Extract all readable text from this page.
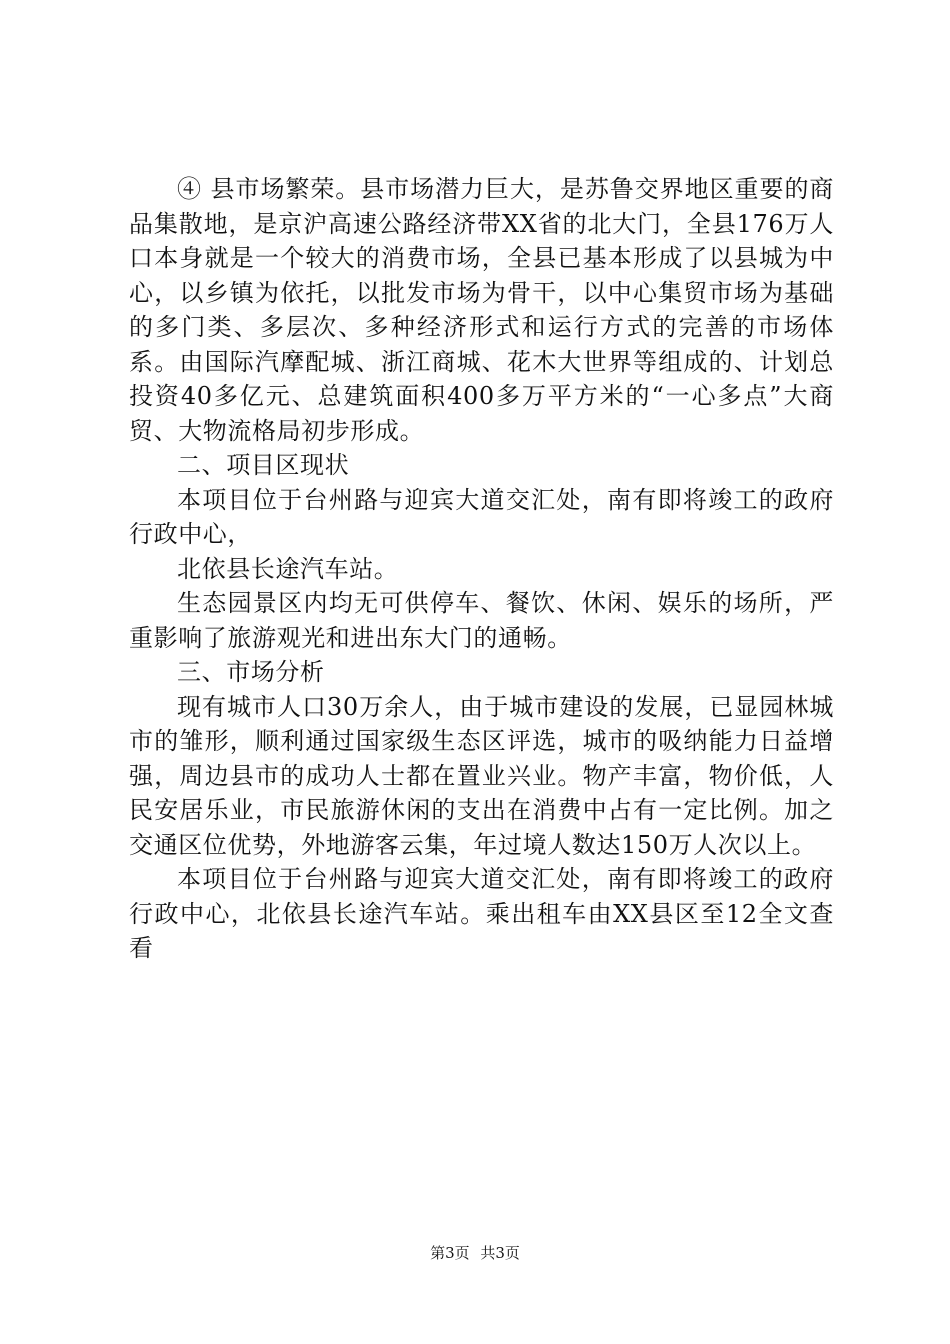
④ 县市场繁荣。县市场潜力巨大，是苏鲁交界地区重要的商品集散地，是京沪高速公路经济带XX省的北大门，全县176万人口本身就是一个较大的消费市场，全县已基本形成了以县城为中心，以乡镇为依托，以批发市场为骨干，以中心集贸市场为基础的多门类、多层次、多种经济形式和运行方式的完善的市场体系。由国际汽摩配城、浙江商城、花木大世界等组成的、计划总投资40多亿元、总建筑面积400多万平方米的“一心多点”大商贸、大物流格局初步形成。

二、项目区现状

本项目位于台州路与迎宾大道交汇处，南有即将竣工的政府行政中心，

北依县长途汽车站。

生态园景区内均无可供停车、餐饮、休闲、娱乐的场所，严重影响了旅游观光和进出东大门的通畅。

三、市场分析

现有城市人口30万余人，由于城市建设的发展，已显园林城市的雏形，顺利通过国家级生态区评选，城市的吸纳能力日益增强，周边县市的成功人士都在置业兴业。物产丰富，物价低，人民安居乐业，市民旅游休闲的支出在消费中占有一定比例。加之交通区位优势，外地游客云集，年过境人数达150万人次以上。

本项目位于台州路与迎宾大道交汇处，南有即将竣工的政府行政中心，北依县长途汽车站。乘出租车由XX县区至12全文查看

第3页 共3页
